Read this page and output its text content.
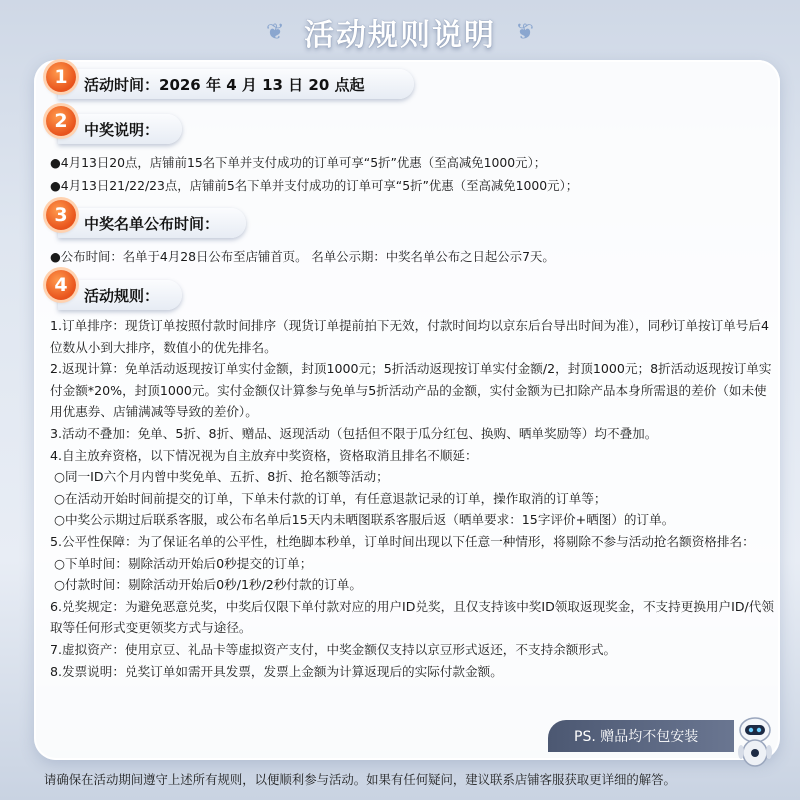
❦ 活动规则说明 ❦
1	活动时间：2026 年 4 月 13 日 20 点起
2	中奖说明：
●4月13日20点，店铺前15名下单并支付成功的订单可享“5折”优惠（至高减免1000元）；
●4月13日21/22/23点，店铺前5名下单并支付成功的订单可享“5折”优惠（至高减免1000元）；
3	中奖名单公布时间：
●公布时间：名单于4月28日公布至店铺首页。 名单公示期：中奖名单公布之日起公示7天。
4	活动规则：

1.订单排序：现货订单按照付款时间排序（现货订单提前拍下无效，付款时间均以京东后台导出时间为准），同秒订单按订单号后4位数从小到大排序，数值小的优先排名。

2.返现计算：免单活动返现按订单实付金额，封顶1000元；5折活动返现按订单实付金额/2，封顶1000元；8折活动返现按订单实付金额*20%，封顶1000元。实付金额仅计算参与免单与5折活动产品的金额，实付金额为已扣除产品本身所需退的差价（如未使用优惠券、店铺满减等导致的差价）。

3.活动不叠加：免单、5折、8折、赠品、返现活动（包括但不限于瓜分红包、换购、晒单奖励等）均不叠加。

4.自主放弃资格，以下情况视为自主放弃中奖资格，资格取消且排名不顺延：

○同一ID六个月内曾中奖免单、五折、8折、抢名额等活动；

○在活动开始时间前提交的订单，下单未付款的订单，有任意退款记录的订单，操作取消的订单等；

○中奖公示期过后联系客服，或公布名单后15天内未晒图联系客服后返（晒单要求：15字评价+晒图）的订单。

5.公平性保障：为了保证名单的公平性，杜绝脚本秒单，订单时间出现以下任意一种情形，将剔除不参与活动抢名额资格排名：

○下单时间：剔除活动开始后0秒提交的订单；

○付款时间：剔除活动开始后0秒/1秒/2秒付款的订单。

6.兑奖规定：为避免恶意兑奖，中奖后仅限下单付款对应的用户ID兑奖，且仅支持该中奖ID领取返现奖金，不支持更换用户ID/代领取等任何形式变更领奖方式与途径。

7.虚拟资产：使用京豆、礼品卡等虚拟资产支付，中奖金额仅支持以京豆形式返还，不支持余额形式。

8.发票说明：兑奖订单如需开具发票，发票上金额为计算返现后的实际付款金额。

PS. 赠品均不包安装
请确保在活动期间遵守上述所有规则，以便顺利参与活动。如果有任何疑问，建议联系店铺客服获取更详细的解答。
